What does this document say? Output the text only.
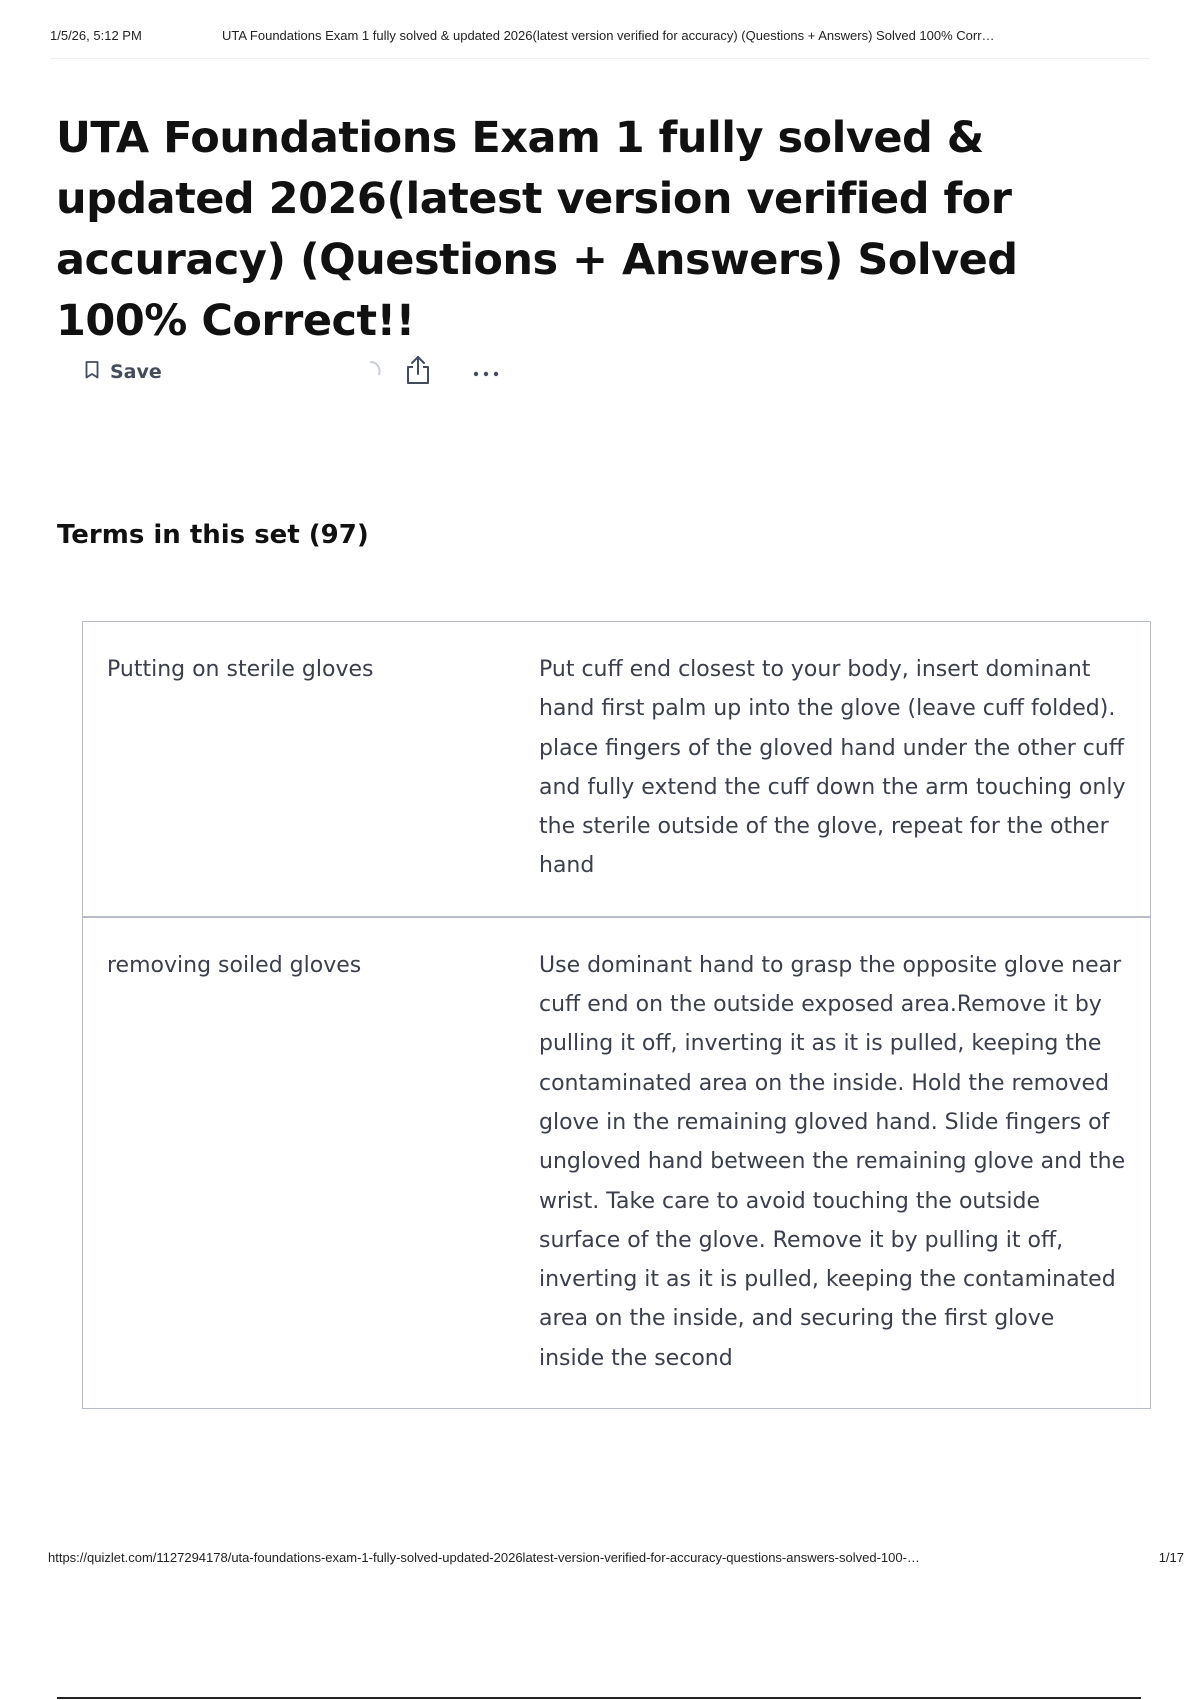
1/5/26, 5:12 PM	UTA Foundations Exam 1 fully solved & updated 2026(latest version verified for accuracy) (Questions + Answers) Solved 100% Corr…
UTA Foundations Exam 1 fully solved & updated 2026(latest version verified for accuracy) (Questions + Answers) Solved 100% Correct!!
Save
Terms in this set (97)
Putting on sterile gloves	Put cuff end closest to your body, insert dominant hand first palm up into the glove (leave cuff folded). place fingers of the gloved hand under the other cuff and fully extend the cuff down the arm touching only the sterile outside of the glove, repeat for the other hand
removing soiled gloves	Use dominant hand to grasp the opposite glove near cuff end on the outside exposed area.Remove it by pulling it off, inverting it as it is pulled, keeping the contaminated area on the inside. Hold the removed glove in the remaining gloved hand. Slide fingers of ungloved hand between the remaining glove and the wrist. Take care to avoid touching the outside surface of the glove. Remove it by pulling it off, inverting it as it is pulled, keeping the contaminated area on the inside, and securing the first glove inside the second
https://quizlet.com/1127294178/uta-foundations-exam-1-fully-solved-updated-2026latest-version-verified-for-accuracy-questions-answers-solved-100-…	1/17
